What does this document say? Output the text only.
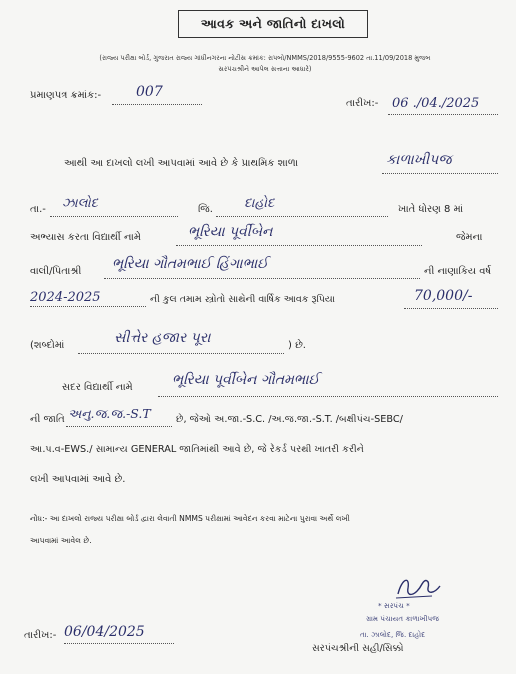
આવક અને જાતિનો દાખલો
(રાજ્ય પરીક્ષા બોર્ડ, ગુજરાત રાજ્ય ગાંધીનગરના નોટીસ ક્રમાંક: રાપબો/NMMS/2018/9555-9602 તા.11/09/2018 મુજબ
સરપંચશ્રીને આપેલ સત્તાના આધારે)
પ્રમાણપત્ર ક્રમાંક:- 007
તારીખ:- 06 ./04./2025
આથી આ દાખલો લખી આપવામાં આવે છે કે પ્રાથમિક શાળા	કાળાખીપજ
તા.- ઝાલોદ	જિ. દાહોદ	ખાતે ધોરણ 8 માં
અભ્યાસ કરતા વિદ્યાર્થી નામે	ભૂરિયા પૂર્વીબેન	જેમના
વાલી/પિતાશ્રી ભૂરિયા ગૌતમભાઈ હિંગાભાઈ	ની નાણાકિય વર્ષ
2024-2025	ની કુલ તમામ સ્ત્રોતો સાથેની વાર્ષિક આવક રૂપિયા	70,000/-
(શબ્દોમાં	સીત્તેર હજાર પૂરા	) છે.
સદર વિદ્યાર્થી નામે	ભૂરિયા પૂર્વીબેન ગૌતમભાઈ
ની જાતિ અનુ.જ.જ.-S.T	છે, જેઓ અ.જા.-S.C. /અ.જ.જા.-S.T. /બક્ષીપંચ-SEBC/
આ.પ.વ-EWS./ સામાન્ય GENERAL જાતિમાંથી આવે છે, જે રેકર્ડ પરથી ખાતરી કરીને
લખી આપવામાં આવે છે.
નોંધ:- આ દાખલો રાજ્ય પરીક્ષા બોર્ડ દ્વારા લેવાતી NMMS પરીક્ષામાં આવેદન કરવા માટેના પુરાવા અર્થે લખી
આપવામાં આવેલ છે.
* સરપંચ *
ગ્રામ પંચાયત કાળાખીપજ
તા. ઝાલોદ, જિ. દાહોદ
સરપંચશ્રીની સહી/સિક્કો
તારીખ:- 06/04/2025
